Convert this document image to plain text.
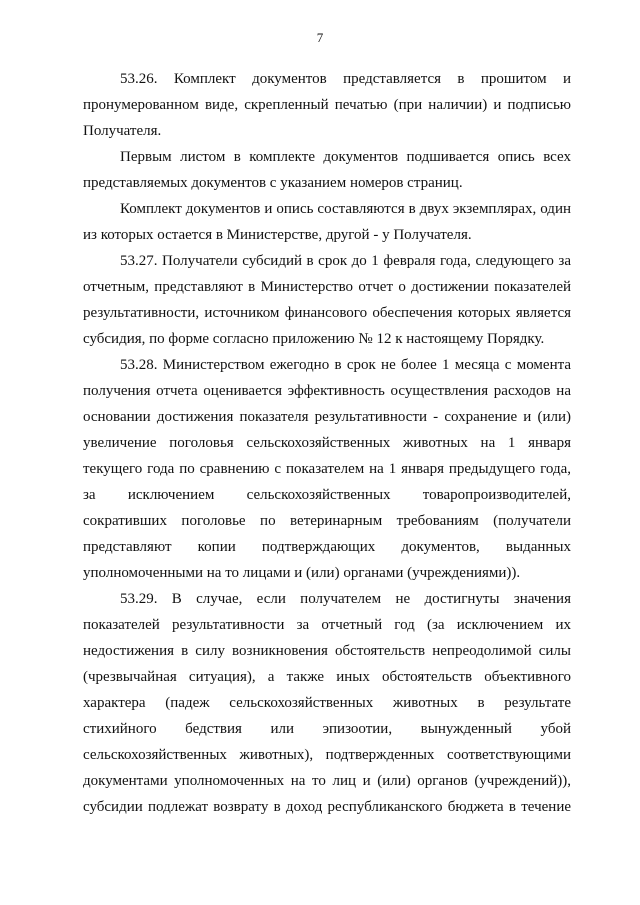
7

53.26. Комплект документов представляется в прошитом и
пронумерованном виде, скрепленный печатью (при наличии) и подписью
Получателя.

Первым листом в комплекте документов подшивается опись всех
представляемых документов с указанием номеров страниц.

Комплект документов и опись составляются в двух экземплярах, один
из которых остается в Министерстве, другой - у Получателя.

53.27. Получатели субсидий в срок до 1 февраля года, следующего за
отчетным, представляют в Министерство отчет о достижении показателей
результативности, источником финансового обеспечения которых является
субсидия, по форме согласно приложению № 12 к настоящему Порядку.

53.28. Министерством ежегодно в срок не более 1 месяца с момента
получения отчета оценивается эффективность осуществления расходов на
основании достижения показателя результативности - сохранение и (или)
увеличение поголовья сельскохозяйственных животных на 1 января
текущего года по сравнению с показателем на 1 января предыдущего года,
за исключением сельскохозяйственных товаропроизводителей,
сокративших поголовье по ветеринарным требованиям (получатели
представляют копии подтверждающих документов, выданных
уполномоченными на то лицами и (или) органами (учреждениями)).

53.29. В случае, если получателем не достигнуты значения
показателей результативности за отчетный год (за исключением их
недостижения в силу возникновения обстоятельств непреодолимой силы
(чрезвычайная ситуация), а также иных обстоятельств объективного
характера (падеж сельскохозяйственных животных в результате
стихийного бедствия или эпизоотии, вынужденный убой
сельскохозяйственных животных), подтвержденных соответствующими
документами уполномоченных на то лиц и (или) органов (учреждений)),
субсидии подлежат возврату в доход республиканского бюджета в течение
